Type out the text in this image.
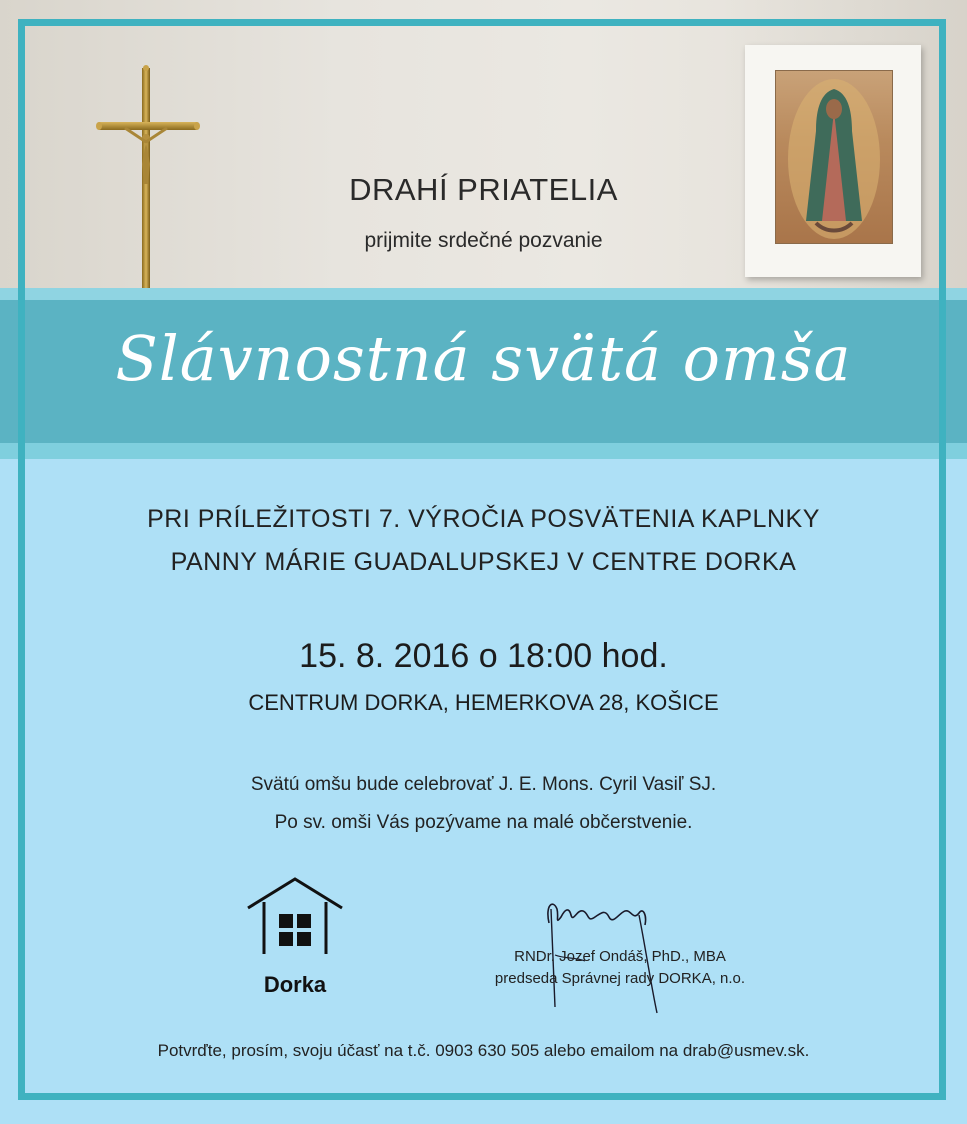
DRAHÍ PRIATELIA
prijmite srdečné pozvanie
Slávnostná svätá omša
PRI PRÍLEŽITOSTI 7. VÝROČIA POSVÄTENIA KAPLNKY
PANNY MÁRIE GUADALUPSKEJ V CENTRE DORKA
15. 8. 2016 o 18:00 hod.
CENTRUM DORKA, HEMERKOVA 28, KOŠICE
Svätú omšu bude celebrovať J. E. Mons. Cyril Vasiľ SJ.
Po sv. omši Vás pozývame na malé občerstvenie.
Dorka
RNDr. Jozef Ondáš, PhD., MBA
predseda Správnej rady DORKA, n.o.
Potvrďte, prosím, svoju účasť na t.č. 0903 630 505 alebo emailom na drab@usmev.sk.
